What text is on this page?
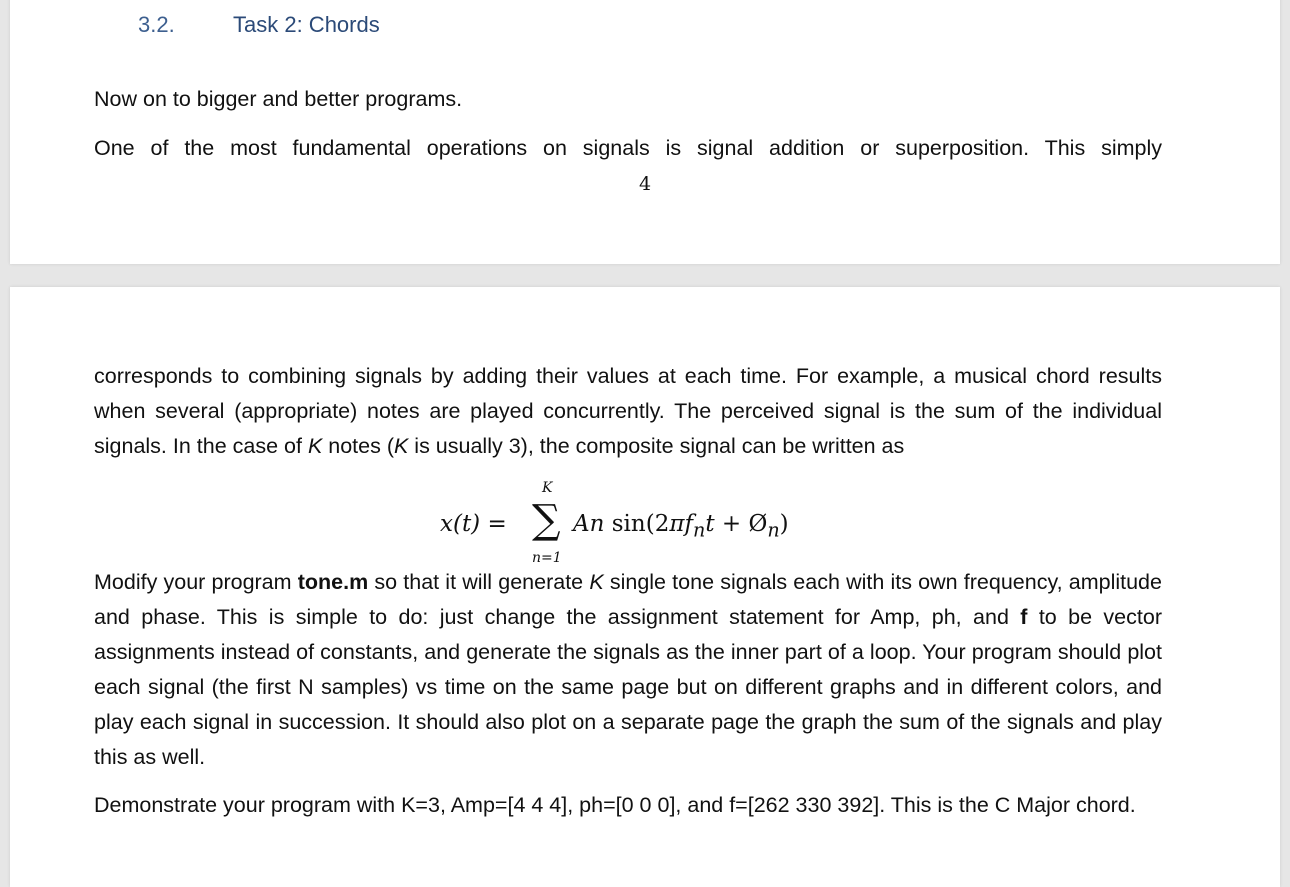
3.2.	Task 2: Chords

Now on to bigger and better programs.

One of the most fundamental operations on signals is signal addition or superposition. This simply

4

corresponds to combining signals by adding their values at each time. For example, a musical chord results when several (appropriate) notes are played concurrently. The perceived signal is the sum of the individual signals. In the case of K notes (K is usually 3), the composite signal can be written as

x(t) =
K
∑
n=1
An $\sin(2\pi f_nt$ + $Ø_n$)

Modify your program tone.m so that it will generate K single tone signals each with its own frequency, amplitude and phase. This is simple to do: just change the assignment statement for Amp, ph, and f to be vector assignments instead of constants, and generate the signals as the inner part of a loop. Your program should plot each signal (the first N samples) vs time on the same page but on different graphs and in different colors, and play each signal in succession. It should also plot on a separate page the graph the sum of the signals and play this as well.

Demonstrate your program with K=3, Amp=[4 4 4], ph=[0 0 0], and f=[262 330 392]. This is the C Major chord.
